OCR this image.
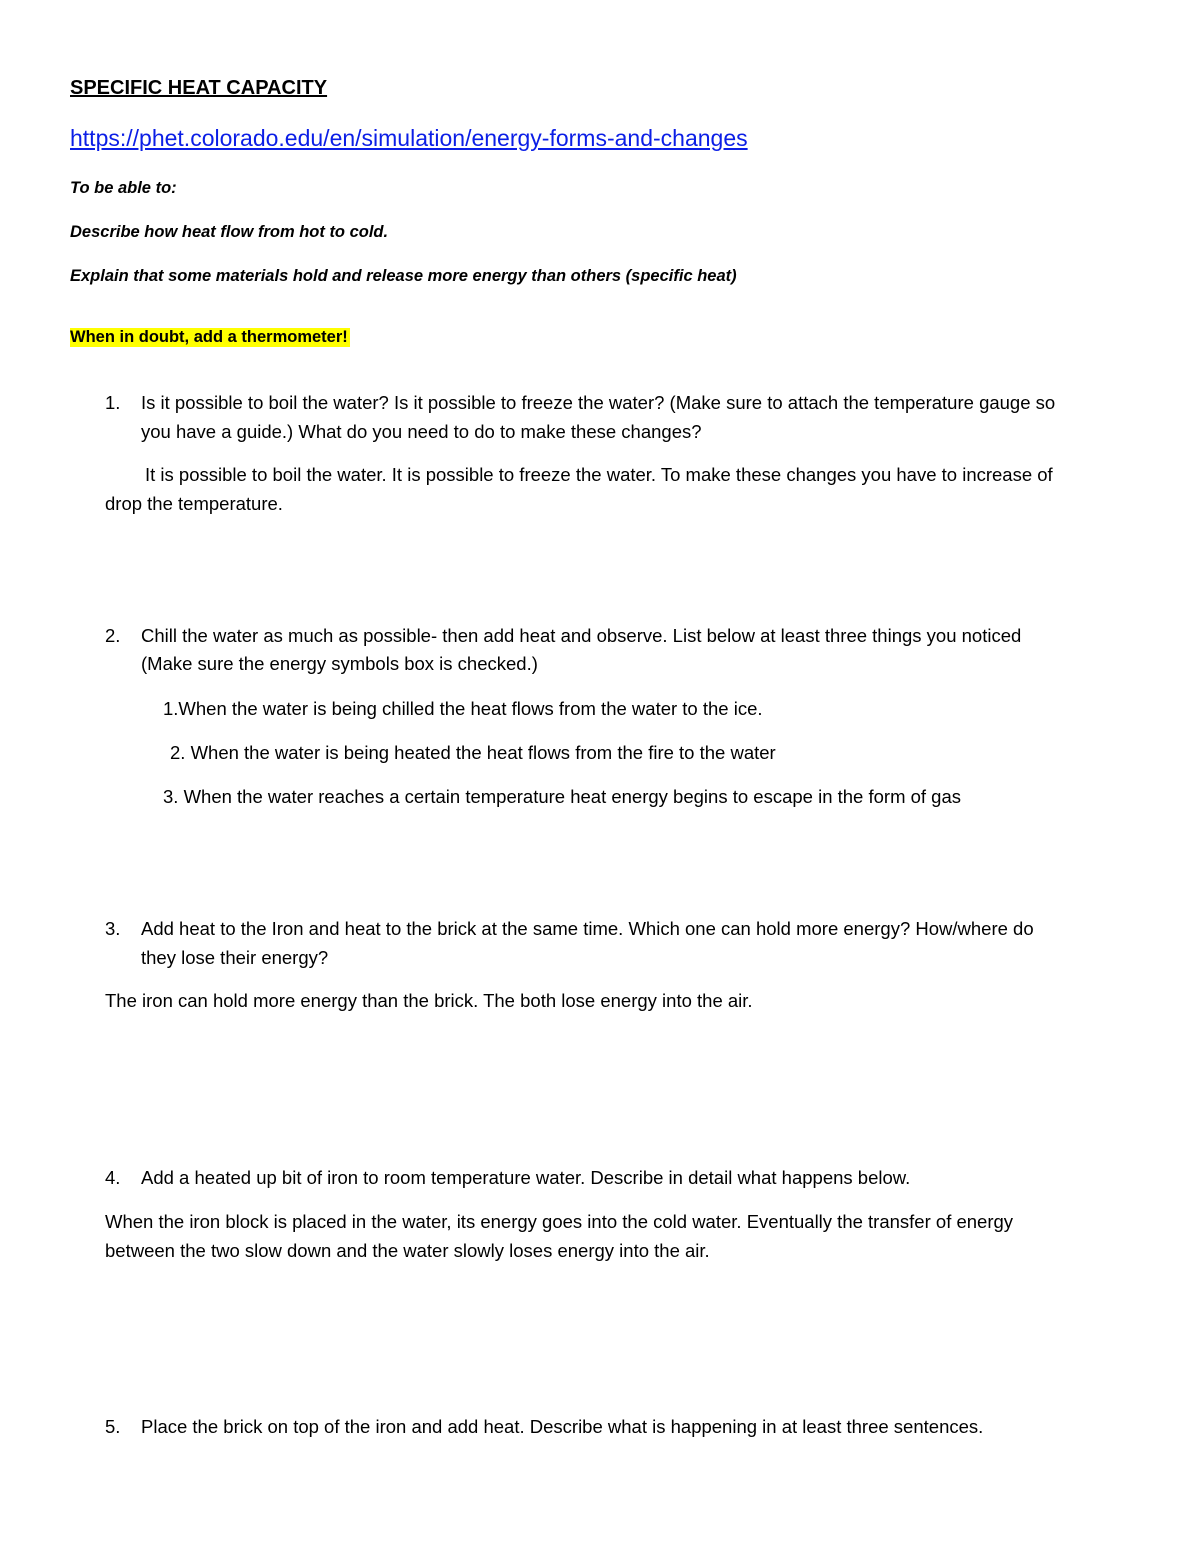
SPECIFIC HEAT CAPACITY
https://phet.colorado.edu/en/simulation/energy-forms-and-changes
To be able to:
Describe how heat flow from hot to cold.
Explain that some materials hold and release more energy than others (specific heat)
When in doubt, add a thermometer!
1. Is it possible to boil the water? Is it possible to freeze the water? (Make sure to attach the temperature gauge so
you have a guide.) What do you need to do to make these changes?
It is possible to boil the water. It is possible to freeze the water. To make these changes you have to increase of
drop the temperature.
2. Chill the water as much as possible- then add heat and observe. List below at least three things you noticed
(Make sure the energy symbols box is checked.)
1.When the water is being chilled the heat flows from the water to the ice.
2. When the water is being heated the heat flows from the fire to the water
3. When the water reaches a certain temperature heat energy begins to escape in the form of gas
3. Add heat to the Iron and heat to the brick at the same time. Which one can hold more energy? How/where do
they lose their energy?
The iron can hold more energy than the brick. The both lose energy into the air.
4. Add a heated up bit of iron to room temperature water. Describe in detail what happens below.
When the iron block is placed in the water, its energy goes into the cold water. Eventually the transfer of energy
between the two slow down and the water slowly loses energy into the air.
5. Place the brick on top of the iron and add heat. Describe what is happening in at least three sentences.
